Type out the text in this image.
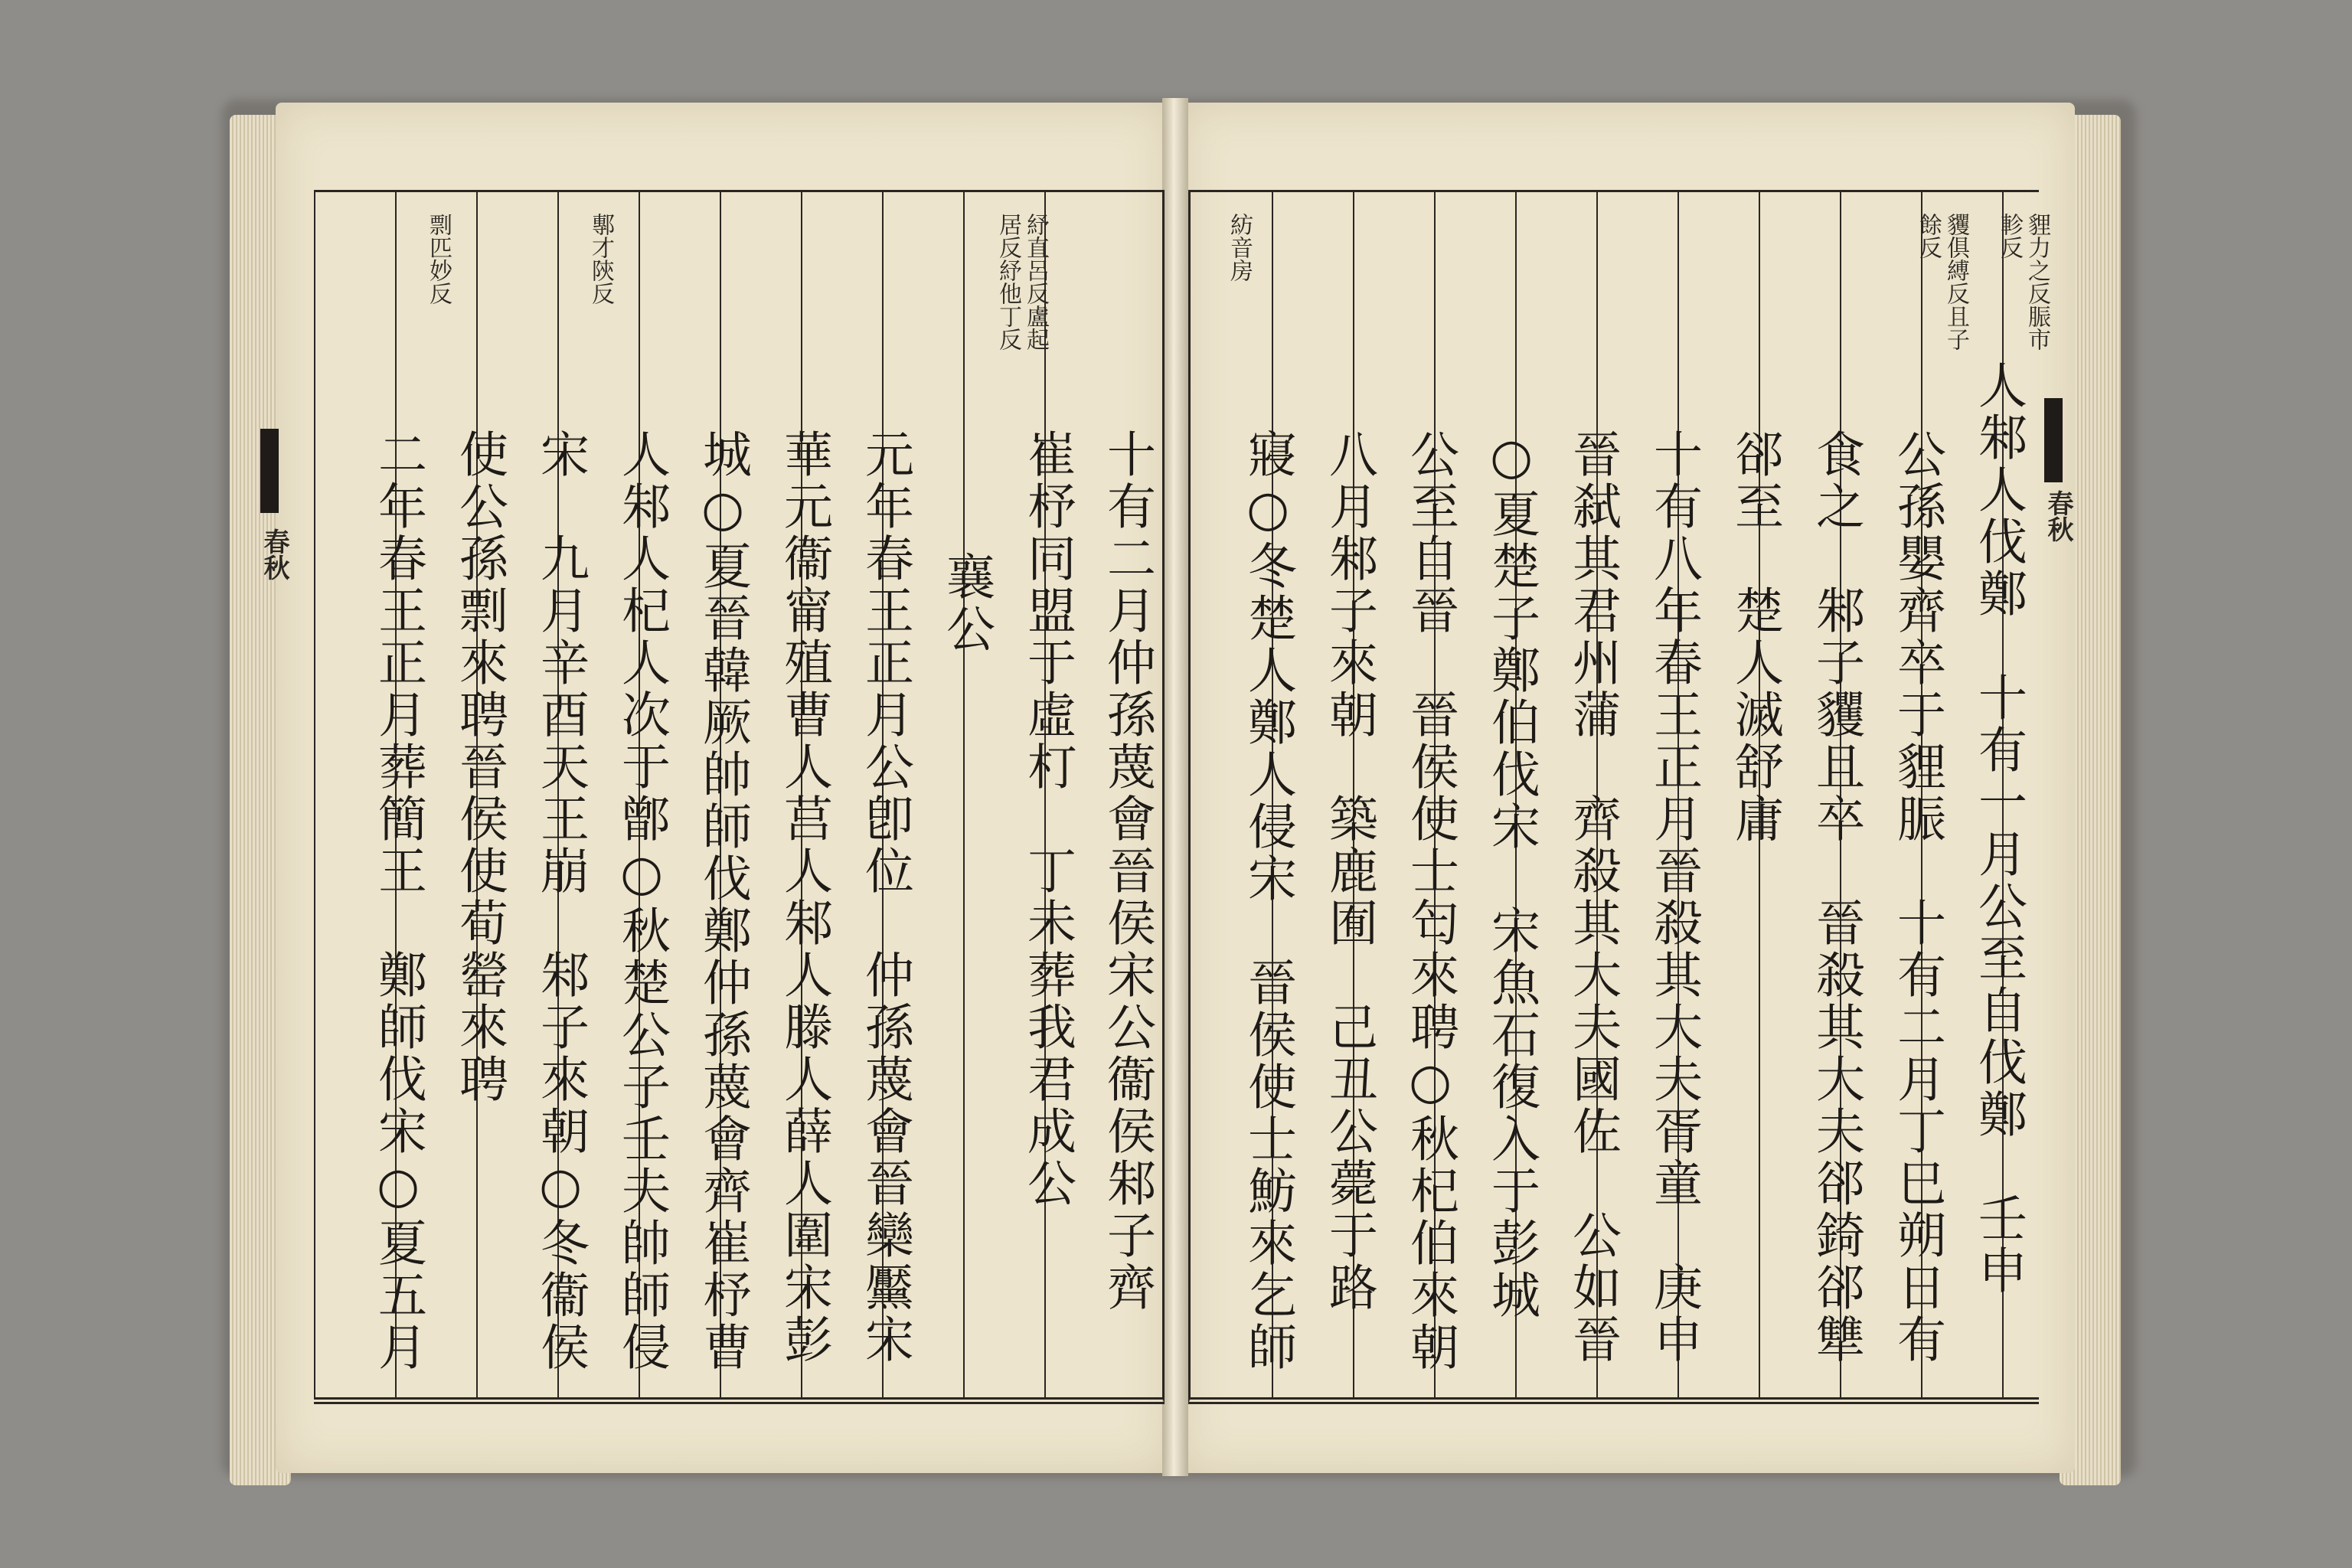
春秋
春秋
紓直呂反盧起
居反紓他丁反
鄟才陝反
剽匹妙反
十有二月仲孫蔑會晉侯宋公衞侯邾子齊
崔杼同盟于虛朾　丁未葬我君成公
襄公
元年春王正月公卽位　仲孫蔑會晉欒黶宋
華元衞甯殖曹人莒人邾人滕人薛人圍宋彭
城○夏晉韓厥帥師伐鄭仲孫蔑會齊崔杼曹
人邾人杞人次于鄫○秋楚公子壬夫帥師侵
宋　九月辛酉天王崩　邾子來朝○冬衞侯
使公孫剽來聘晉侯使荀罃來聘
二年春王正月葬簡王　鄭師伐宋○夏五月
貍力之反脤市
軫反
貜俱縛反且子
餘反
紡音房
人邾人伐鄭　十有一月公至自伐鄭　壬申
公孫嬰齊卒于貍脤　十有二月丁巳朔日有
食之　邾子貜且卒　晉殺其大夫郤錡郤犨
郤至　楚人滅舒庸
十有八年春王正月晉殺其大夫胥童　庚申
晉弑其君州蒲　齊殺其大夫國佐　公如晉
○夏楚子鄭伯伐宋　宋魚石復入于彭城
公至自晉　晉侯使士匄來聘○秋杞伯來朝
八月邾子來朝　築鹿囿　己丑公薨于路
寢○冬楚人鄭人侵宋　晉侯使士魴來乞師
